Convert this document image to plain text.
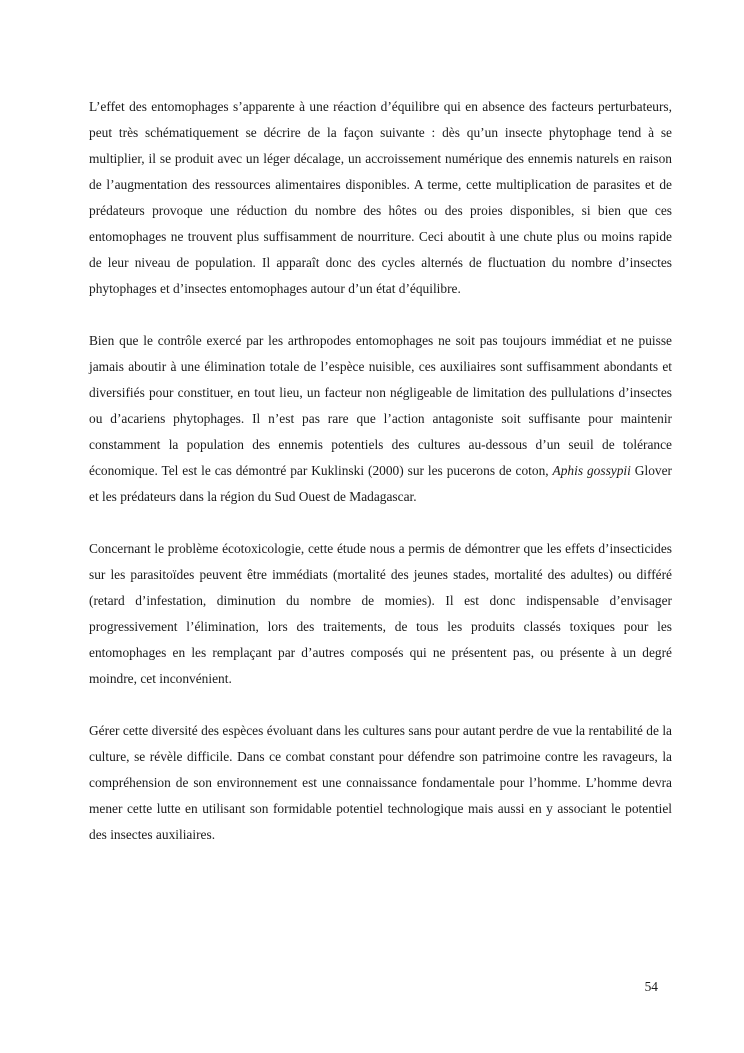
L’effet des entomophages s’apparente à une réaction d’équilibre qui en absence des facteurs perturbateurs, peut très schématiquement se décrire de la façon suivante : dès qu’un insecte phytophage tend à se multiplier, il se produit avec un léger décalage, un accroissement numérique des ennemis naturels en raison de l’augmentation des ressources alimentaires disponibles. A terme, cette multiplication de parasites et de prédateurs provoque une réduction du nombre des hôtes ou des proies disponibles, si bien que ces entomophages ne trouvent plus suffisamment de nourriture. Ceci aboutit à une chute plus ou moins rapide de leur niveau de population. Il apparaît donc des cycles alternés de fluctuation du nombre d’insectes phytophages et d’insectes entomophages autour d’un état d’équilibre.

Bien que le contrôle exercé par les arthropodes entomophages ne soit pas toujours immédiat et ne puisse jamais aboutir à une élimination totale de l’espèce nuisible, ces auxiliaires sont suffisamment abondants et diversifiés pour constituer, en tout lieu, un facteur non négligeable de limitation des pullulations d’insectes ou d’acariens phytophages. Il n’est pas rare que l’action antagoniste soit suffisante pour maintenir constamment la population des ennemis potentiels des cultures au-dessous d’un seuil de tolérance économique. Tel est le cas démontré par Kuklinski (2000) sur les pucerons de coton, Aphis gossypii Glover et les prédateurs dans la région du Sud Ouest de Madagascar.

Concernant le problème écotoxicologie, cette étude nous a permis de démontrer que les effets d’insecticides sur les parasitoïdes peuvent être immédiats (mortalité des jeunes stades, mortalité des adultes) ou différé (retard d’infestation, diminution du nombre de momies). Il est donc indispensable d’envisager progressivement l’élimination, lors des traitements, de tous les produits classés toxiques pour les entomophages en les remplaçant par d’autres composés qui ne présentent pas, ou présente à un degré moindre, cet inconvénient.

Gérer cette diversité des espèces évoluant dans les cultures sans pour autant perdre de vue la rentabilité de la culture, se révèle difficile. Dans ce combat constant pour défendre son patrimoine contre les ravageurs, la compréhension de son environnement est une connaissance fondamentale pour l’homme. L’homme devra mener cette lutte en utilisant son formidable potentiel technologique mais aussi en y associant le potentiel des insectes auxiliaires.

54
